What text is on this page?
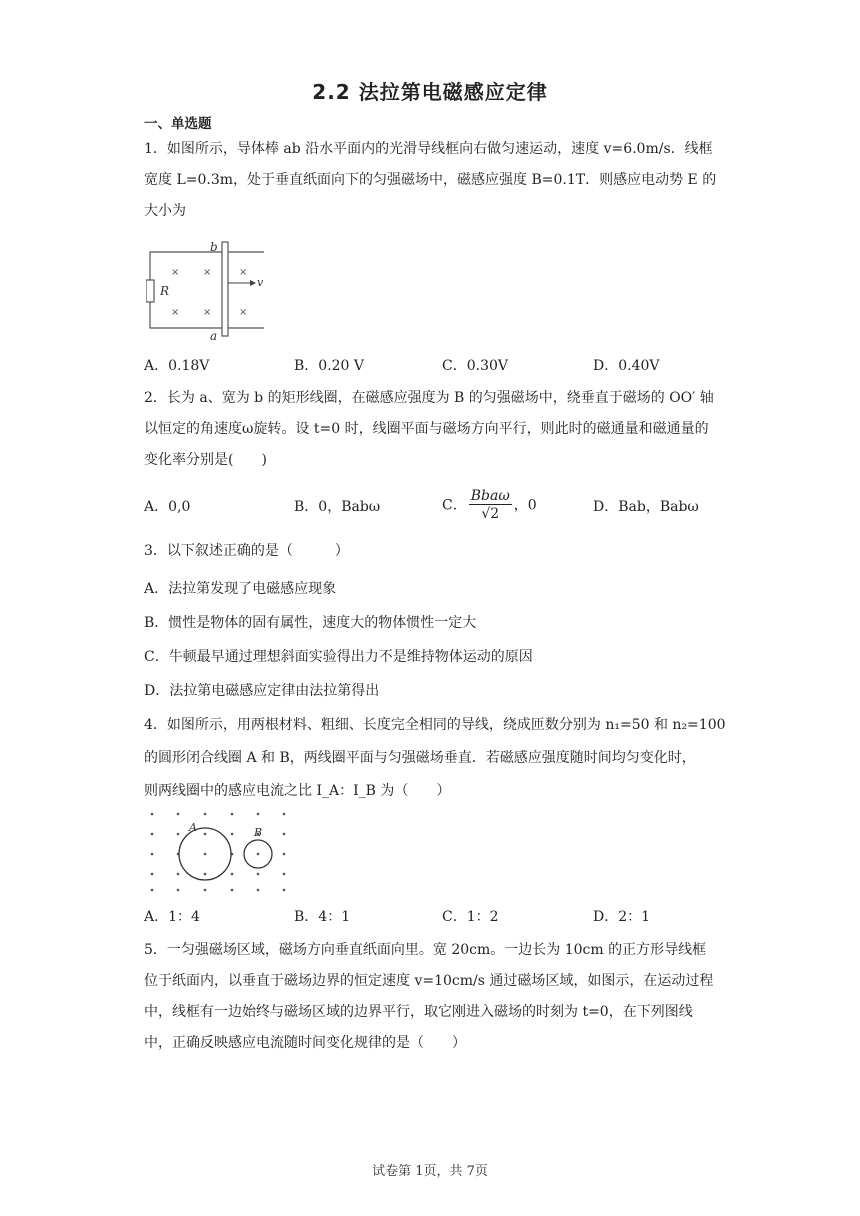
2.2 法拉第电磁感应定律
一、单选题
1．如图所示，导体棒 ab 沿水平面内的光滑导线框向右做匀速运动，速度 v=6.0m/s．线框宽度 L=0.3m，处于垂直纸面向下的匀强磁场中，磁感应强度 B=0.1T．则感应电动势 E 的大小为
R
b
a
v
× ×	×
× ×	×
A．0.18V	B．0.20 V	C．0.30V	D．0.40V
2．长为 a、宽为 b 的矩形线圈，在磁感应强度为 B 的匀强磁场中，绕垂直于磁场的 OO′ 轴以恒定的角速度ω旋转。设 t=0 时，线圈平面与磁场方向平行，则此时的磁通量和磁通量的变化率分别是(　　)
A．0,0	B．0，Babω	C． $\frac{\text{Bbaω}}{√2}$ ，0	D．Bab，Babω
3．以下叙述正确的是（　　　）
A．法拉第发现了电磁感应现象
B．惯性是物体的固有属性，速度大的物体惯性一定大
C．牛顿最早通过理想斜面实验得出力不是维持物体运动的原因
D．法拉第电磁感应定律由法拉第得出
4．如图所示，用两根材料、粗细、长度完全相同的导线，绕成匝数分别为 n₁=50 和 n₂=100
的圆形闭合线圈 A 和 B，两线圈平面与匀强磁场垂直．若磁感应强度随时间均匀变化时，
则两线圈中的感应电流之比 I_A：I_B 为（　　）
A	B
A．1：4	B．4：1	C．1：2	D．2：1
5．一匀强磁场区域，磁场方向垂直纸面向里。宽 20cm。一边长为 10cm 的正方形导线框位于纸面内，以垂直于磁场边界的恒定速度 v=10cm/s 通过磁场区域，如图示，在运动过程中，线框有一边始终与磁场区域的边界平行，取它刚进入磁场的时刻为 t=0，在下列图线中，正确反映感应电流随时间变化规律的是（　　）
试卷第 1页，共 7页
